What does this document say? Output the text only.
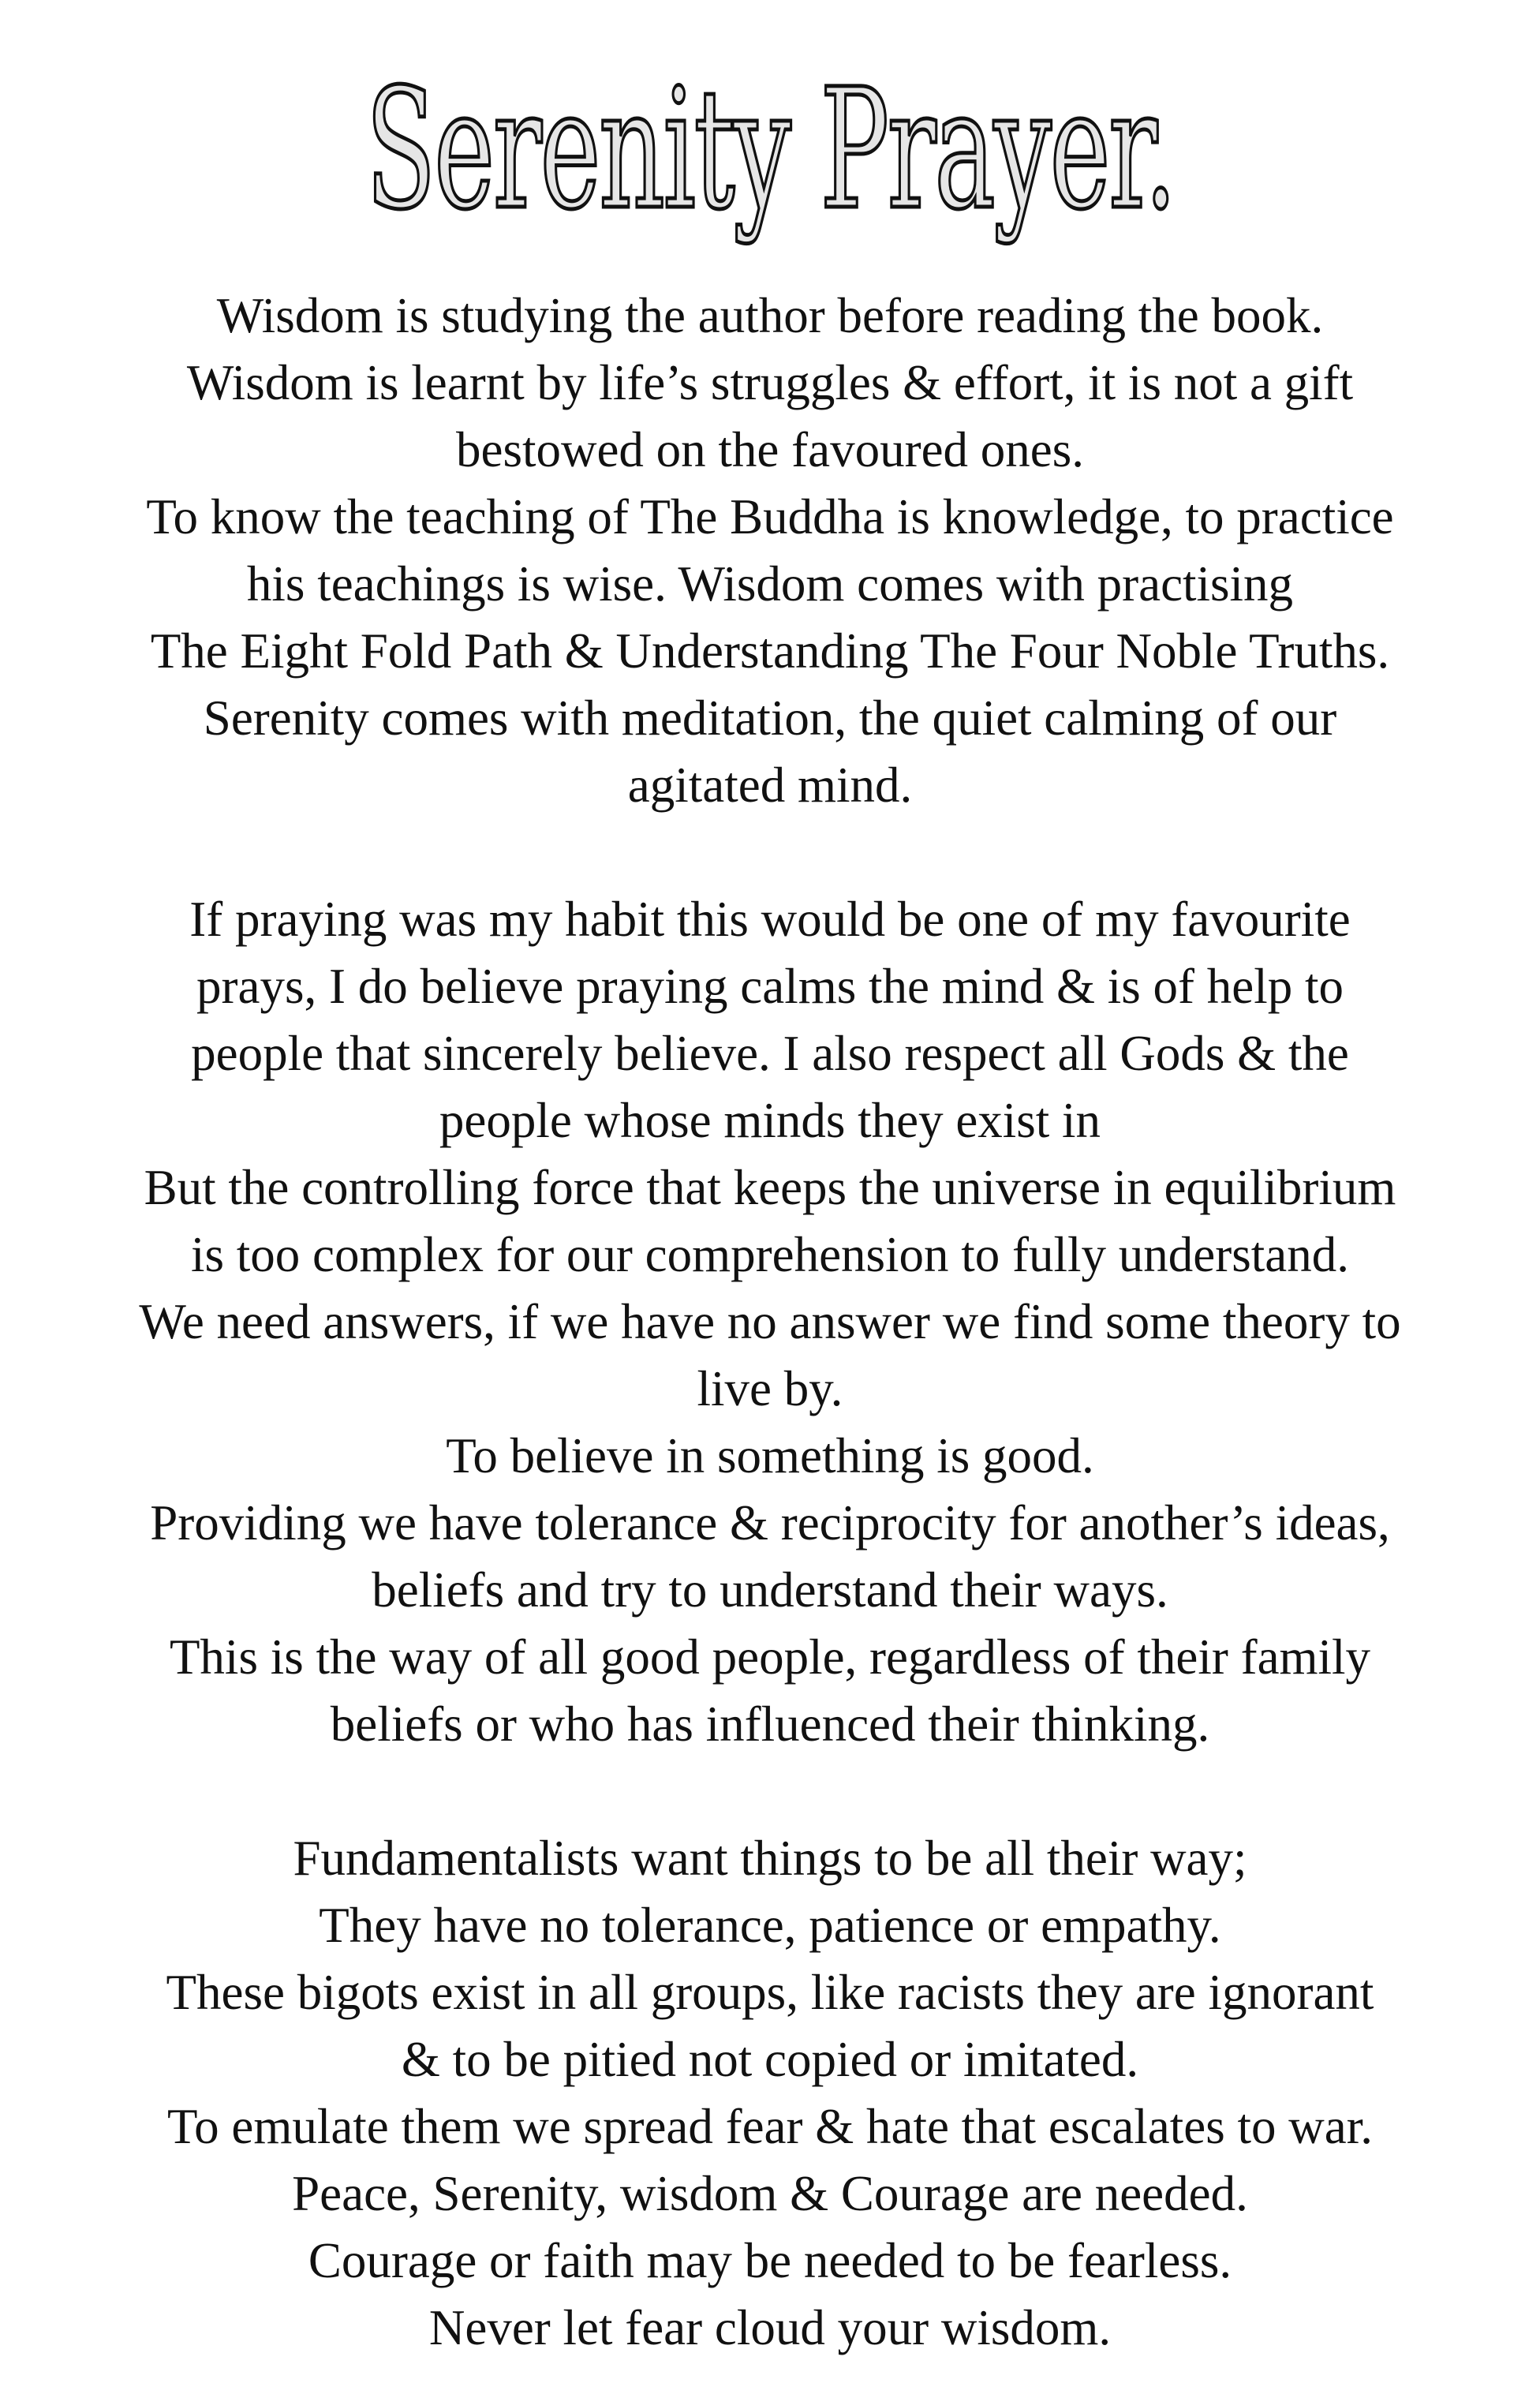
Serenity Prayer.
Wisdom is studying the author before reading the book.
Wisdom is learnt by life’s struggles & effort, it is not a gift
bestowed on the favoured ones.
To know the teaching of The Buddha is knowledge, to practice
his teachings is wise. Wisdom comes with practising
The Eight Fold Path & Understanding The Four Noble Truths.
Serenity comes with meditation, the quiet calming of our
agitated mind.
If praying was my habit this would be one of my favourite
prays, I do believe praying calms the mind & is of help to
people that sincerely believe. I also respect all Gods & the
people whose minds they exist in
But the controlling force that keeps the universe in equilibrium
is too complex for our comprehension to fully understand.
We need answers, if we have no answer we find some theory to
live by.
To believe in something is good.
Providing we have tolerance & reciprocity for another’s ideas,
beliefs and try to understand their ways.
This is the way of all good people, regardless of their family
beliefs or who has influenced their thinking.
Fundamentalists want things to be all their way;
They have no tolerance, patience or empathy.
These bigots exist in all groups, like racists they are ignorant
& to be pitied not copied or imitated.
To emulate them we spread fear & hate that escalates to war.
Peace, Serenity, wisdom & Courage are needed.
Courage or faith may be needed to be fearless.
Never let fear cloud your wisdom.
